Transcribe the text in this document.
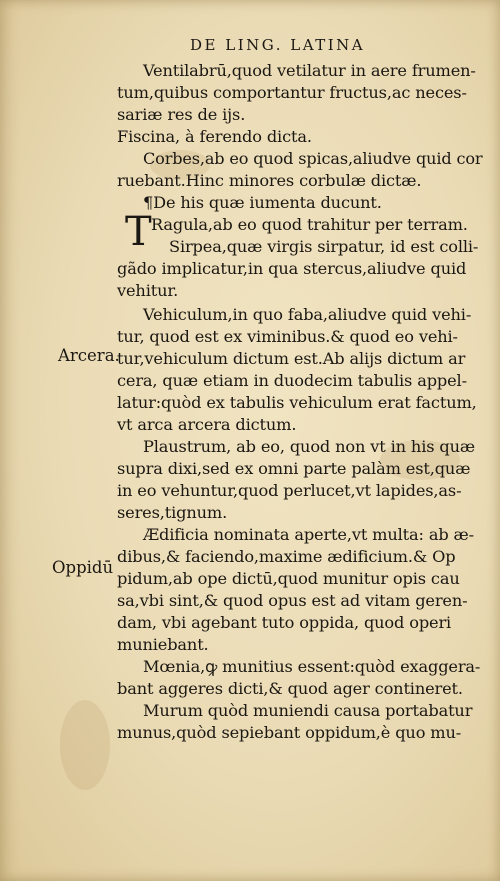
DE LING. LATINA
Arcera.
Oppidū
Ventilabrū,quod vetilatur in aere frumen-
tum,quibus comportantur fructus,ac neces-
sariæ res de ijs.
Fiscina, à ferendo dicta.
Corbes,ab eo quod spicas,aliudve quid cor
ruebant.Hinc minores corbulæ dictæ.
¶De his quæ iumenta ducunt.
T Ragula,ab eo quod trahitur per terram.
Sirpea,quæ virgis sirpatur, id est colli-
gãdo implicatur,in qua stercus,aliudve quid
vehitur.
Vehiculum,in quo faba,aliudve quid vehi-
tur, quod est ex viminibus.& quod eo vehi-
tur,vehiculum dictum est.Ab alijs dictum ar
cera, quæ etiam in duodecim tabulis appel-
latur:quòd ex tabulis vehiculum erat factum,
vt arca arcera dictum.
Plaustrum, ab eo, quod non vt in his quæ
supra dixi,sed ex omni parte palàm est,quæ
in eo vehuntur,quod perlucet,vt lapides,as-
seres,tignum.
Ædificia nominata aperte,vt multa: ab æ-
dibus,& faciendo,maxime ædificium.& Op
pidum,ab ope dictū,quod munitur opis cau
sa,vbi sint,& quod opus est ad vitam geren-
dam, vbi agebant tuto oppida, quod operi
muniebant.
Mœnia,ꝙ munitius essent:quòd exaggera-
bant aggeres dicti,& quod ager contineret.
Murum quòd muniendi causa portabatur
munus,quòd sepiebant oppidum,è quo mu-
